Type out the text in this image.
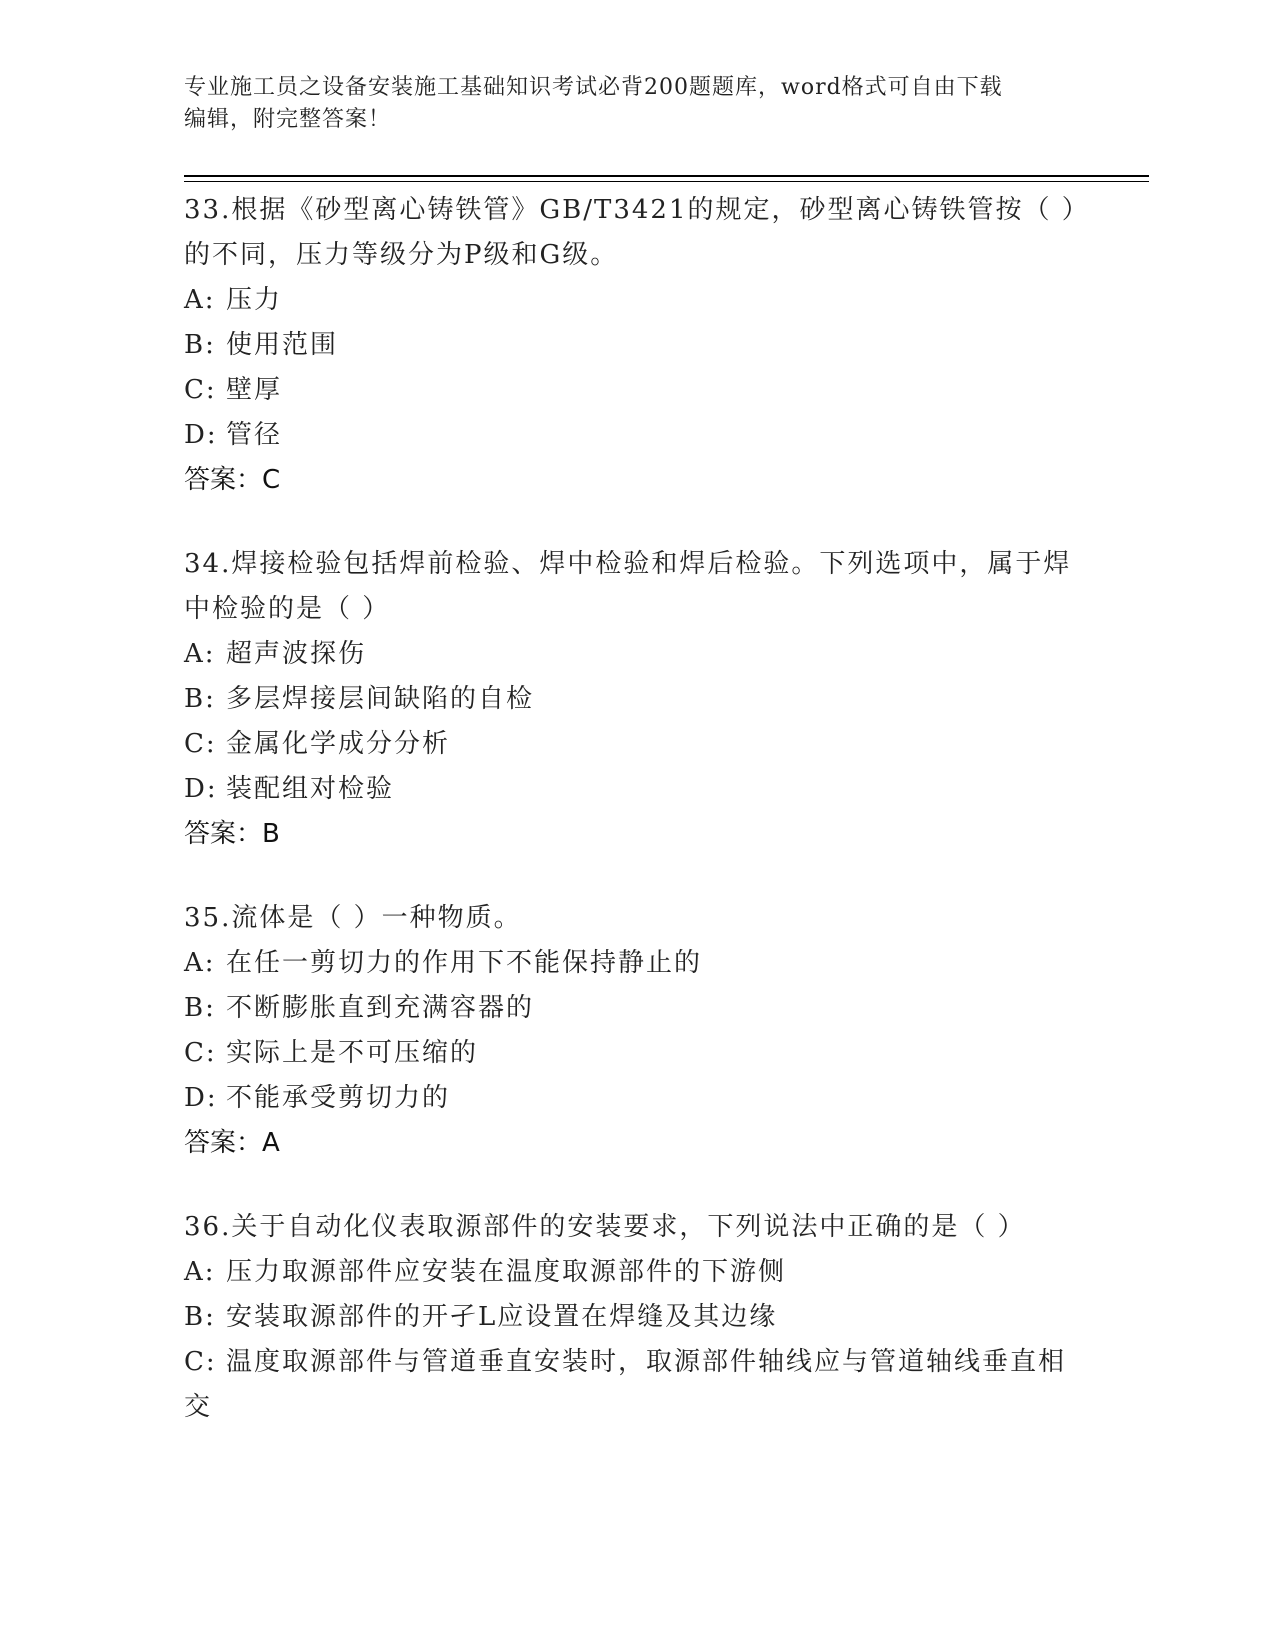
专业施工员之设备安装施工基础知识考试必背200题题库，word格式可自由下载
编辑，附完整答案！

33.根据《砂型离心铸铁管》GB/T3421的规定，砂型离心铸铁管按（ ）的不同，压力等级分为P级和G级。

A: 压力

B: 使用范围

C: 壁厚

D: 管径

答案：C

34.焊接检验包括焊前检验、焊中检验和焊后检验。下列选项中，属于焊中检验的是（ ）

A: 超声波探伤

B: 多层焊接层间缺陷的自检

C: 金属化学成分分析

D: 装配组对检验

答案：B

35.流体是（ ）一种物质。

A: 在任一剪切力的作用下不能保持静止的

B: 不断膨胀直到充满容器的

C: 实际上是不可压缩的

D: 不能承受剪切力的

答案：A

36.关于自动化仪表取源部件的安装要求，下列说法中正确的是（ ）

A: 压力取源部件应安装在温度取源部件的下游侧

B: 安装取源部件的开孑L应设置在焊缝及其边缘

C: 温度取源部件与管道垂直安装时，取源部件轴线应与管道轴线垂直相交
